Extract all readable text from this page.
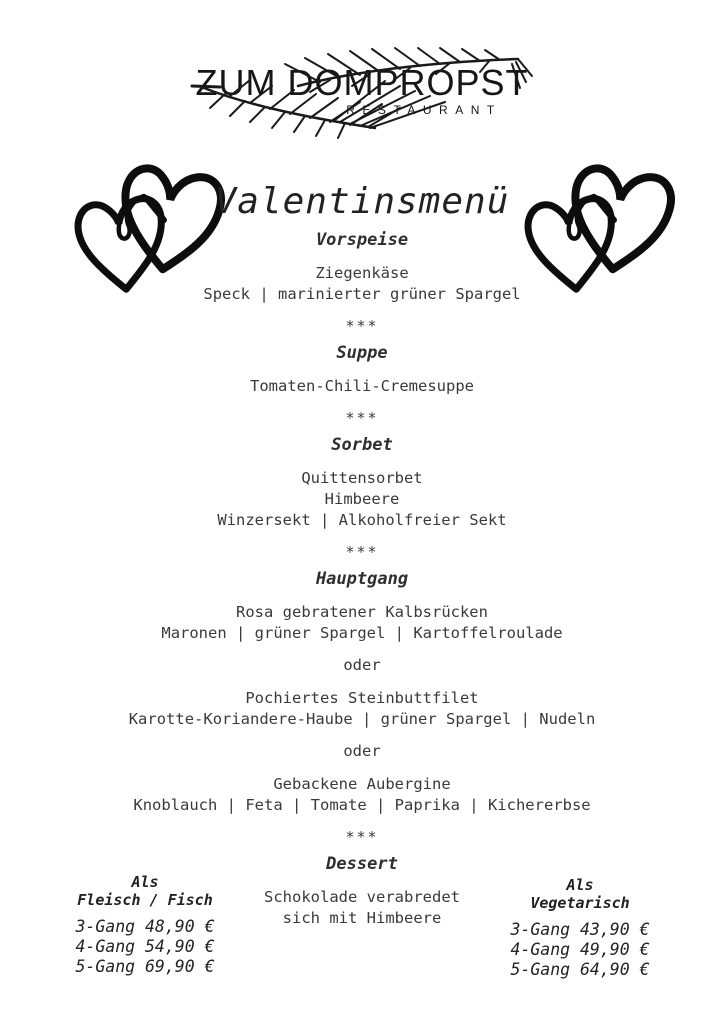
ZUM DOMPROPST
RESTAURANT
Valentinsmenü
Vorspeise
Ziegenkäse
Speck | marinierter grüner Spargel
***
Suppe
Tomaten-Chili-Cremesuppe
***
Sorbet
Quittensorbet
Himbeere
Winzersekt | Alkoholfreier Sekt
***
Hauptgang
Rosa gebratener Kalbsrücken
Maronen | grüner Spargel | Kartoffelroulade
oder
Pochiertes Steinbuttfilet
Karotte-Koriandere-Haube | grüner Spargel | Nudeln
oder
Gebackene Aubergine
Knoblauch | Feta | Tomate | Paprika | Kichererbse
***
Dessert
Schokolade verabredet
sich mit Himbeere
Als
Fleisch / Fisch
3-Gang 48,90 €
4-Gang 54,90 €
5-Gang 69,90 €
Als
Vegetarisch
3-Gang 43,90 €
4-Gang 49,90 €
5-Gang 64,90 €
